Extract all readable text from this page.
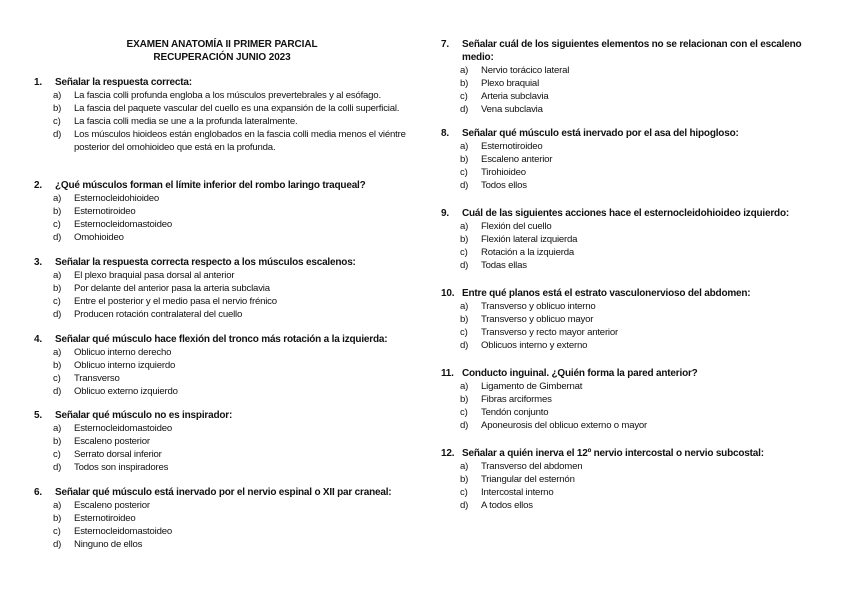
EXAMEN ANATOMÍA II PRIMER PARCIAL
RECUPERACIÓN JUNIO 2023
1.	Señalar la respuesta correcta:
a)	La fascia colli profunda engloba a los músculos prevertebrales y al esófago.
b)	La fascia del paquete vascular del cuello es una expansión de la colli superficial.
c)	La fascia colli media se une a la profunda lateralmente.
d)	Los músculos hioideos están englobados en la fascia colli media menos el viéntre posterior del omohioideo que está en la profunda.
2.	¿Qué músculos forman el límite inferior del rombo laringo traqueal?
a)	Esternocleidohioideo
b)	Esternotiroideo
c)	Esternocleidomastoideo
d)	Omohioideo
3.	Señalar la respuesta correcta respecto a los músculos escalenos:
a)	El plexo braquial pasa dorsal al anterior
b)	Por delante del anterior pasa la arteria subclavia
c)	Entre el posterior y el medio pasa el nervio frénico
d)	Producen rotación contralateral del cuello
4.	Señalar qué músculo hace flexión del tronco más rotación a la izquierda:
a)	Oblicuo interno derecho
b)	Oblicuo interno izquierdo
c)	Transverso
d)	Oblicuo externo izquierdo
5.	Señalar qué músculo no es inspirador:
a)	Esternocleidomastoideo
b)	Escaleno posterior
c)	Serrato dorsal inferior
d)	Todos son inspiradores
6.	Señalar qué músculo está inervado por el nervio espinal o XII par craneal:
a)	Escaleno posterior
b)	Esternotiroideo
c)	Esternocleidomastoideo
d)	Ninguno de ellos
7.	Señalar cuál de los siguientes elementos no se relacionan con el escaleno medio:
a)	Nervio torácico lateral
b)	Plexo braquial
c)	Arteria subclavia
d)	Vena subclavia
8.	Señalar qué músculo está inervado por el asa del hipogloso:
a)	Esternotiroideo
b)	Escaleno anterior
c)	Tirohioideo
d)	Todos ellos
9.	Cuál de las siguientes acciones hace el esternocleidohioideo izquierdo:
a)	Flexión del cuello
b)	Flexión lateral izquierda
c)	Rotación a la izquierda
d)	Todas ellas
10. Entre qué planos está el estrato vasculonervioso del abdomen:
a)	Transverso y oblicuo interno
b)	Transverso y oblicuo mayor
c)	Transverso y recto mayor anterior
d)	Oblicuos interno y externo
11. Conducto inguinal. ¿Quién forma la pared anterior?
a)	Ligamento de Gimbernat
b)	Fibras arciformes
c)	Tendón conjunto
d)	Aponeurosis del oblicuo externo o mayor
12. Señalar a quién inerva el 12º nervio intercostal o nervio subcostal:
a)	Transverso del abdomen
b)	Triangular del esternón
c)	Intercostal interno
d)	A todos ellos
